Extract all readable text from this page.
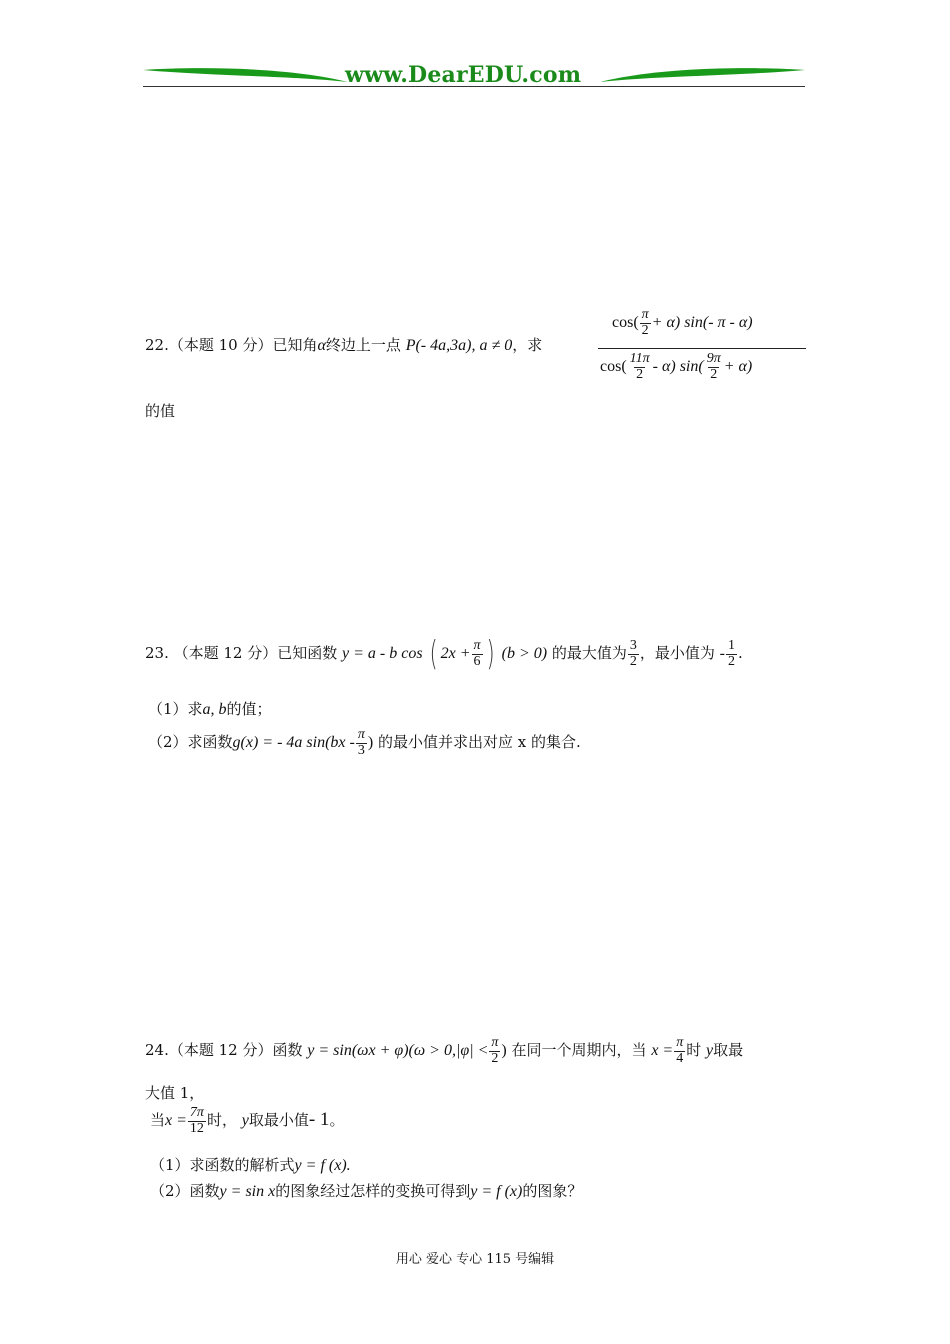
www.DearEDU.com
22.（本题 10 分）已知角α终边上一点 P(- 4a,3a), a ≠ 0，求
$\cos( \frac{\pi}{2} + \alpha)$ sin(- π - α)
$\cos( \frac{11\pi}{2} - \alpha)$ $\sin( \frac{9\pi}{2} + \alpha)$
的值
23. （本题 12 分）已知函数 y = a - b cos ( $2x + \frac{\pi}{6}$ ) (b > 0) 的最大值为 $\frac{3}{2}$ ，最小值为 - $\frac{1}{2}$ .
（1）求a, b的值；
（2）求函数g(x) = - 4a $\sin(bx - \frac{\pi}{3}$ ) 的最小值并求出对应 x 的集合.
24.（本题 12 分）函数 $y = \sin(\omega x + \varphi)(\omega > 0,|\varphi| < \frac{\pi}{2}$ ) 在同一个周期内，当 $x = \frac{\pi}{4}$ 时 y取最
大值 1，
当$x = \frac{7\pi}{12}$ 时， y取最小值- 1。
（1）求函数的解析式y = f (x).
（2）函数y = sin x的图象经过怎样的变换可得到y = f (x)的图象？
用心 爱心 专心 115 号编辑
